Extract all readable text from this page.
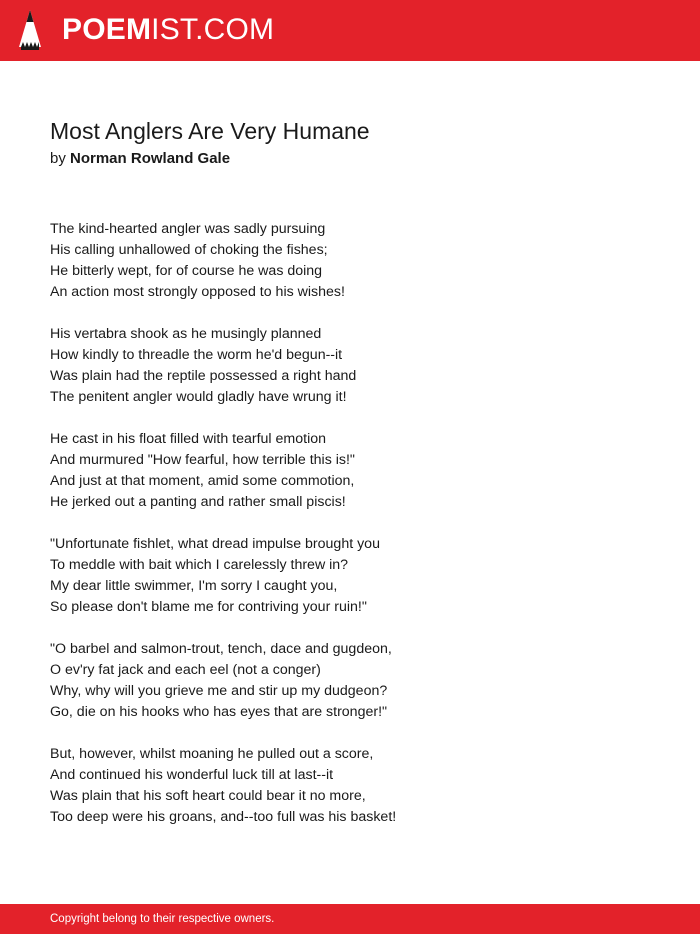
POEMIST.COM
Most Anglers Are Very Humane
by Norman Rowland Gale
The kind-hearted angler was sadly pursuing
His calling unhallowed of choking the fishes;
He bitterly wept, for of course he was doing
An action most strongly opposed to his wishes!
His vertabra shook as he musingly planned
How kindly to threadle the worm he'd begun--it
Was plain had the reptile possessed a right hand
The penitent angler would gladly have wrung it!
He cast in his float filled with tearful emotion
And murmured "How fearful, how terrible this is!"
And just at that moment, amid some commotion,
He jerked out a panting and rather small piscis!
"Unfortunate fishlet, what dread impulse brought you
To meddle with bait which I carelessly threw in?
My dear little swimmer, I'm sorry I caught you,
So please don't blame me for contriving your ruin!"
"O barbel and salmon-trout, tench, dace and gugdeon,
O ev'ry fat jack and each eel (not a conger)
Why, why will you grieve me and stir up my dudgeon?
Go, die on his hooks who has eyes that are stronger!"
But, however, whilst moaning he pulled out a score,
And continued his wonderful luck till at last--it
Was plain that his soft heart could bear it no more,
Too deep were his groans, and--too full was his basket!
Copyright belong to their respective owners.
